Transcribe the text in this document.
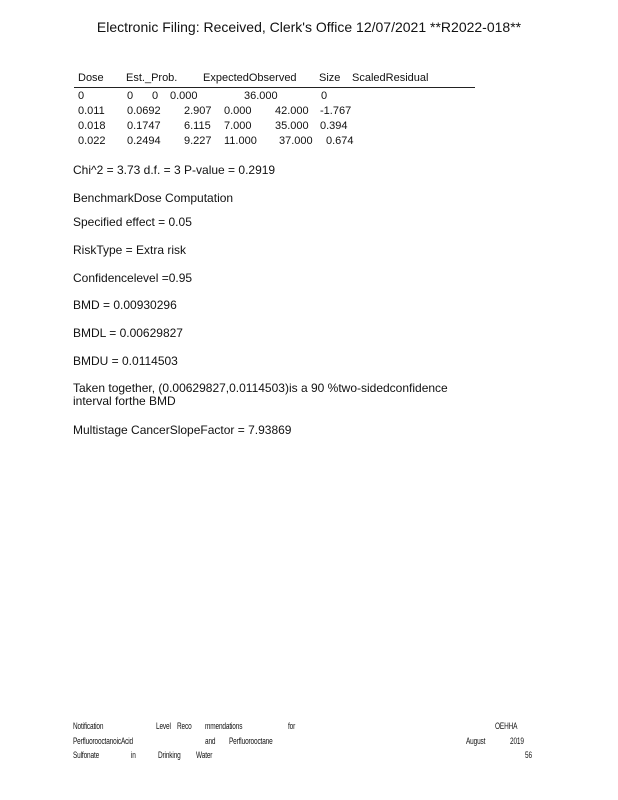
Electronic Filing: Received, Clerk's Office 12/07/2021 **R2022-018**
Dose Est._Prob. ExpectedObserved Size ScaledResidual
0	0 0 0.000	36.000	0
0.011 0.0692 2.907 0.000 42.000 -1.767
0.018 0.1747 6.115 7.000 35.000 0.394
0.022 0.2494 9.227 11.000 37.000 0.674
Chi^2 = 3.73 d.f. = 3 P-value = 0.2919
BenchmarkDose Computation
Specified effect = 0.05
RiskType = Extra risk
Confidencelevel =0.95
BMD = 0.00930296
BMDL = 0.00629827
BMDU = 0.0114503
Taken together, (0.00629827,0.0114503)is a 90 %two-sidedconfidence interval forthe BMD
Multistage CancerSlopeFactor = 7.93869
Notification	Level Reco mmendations	for	OEHHA
PerfluorooctanoicAcid	and Perfluorooctane	August	2019
Sulfonate	in Drinking Water	56
